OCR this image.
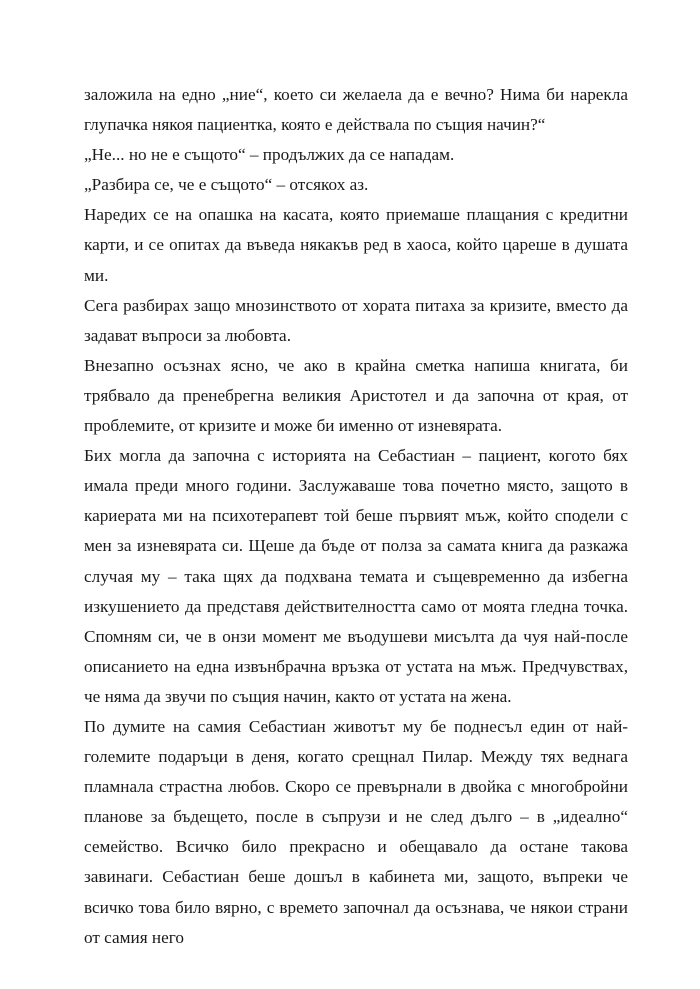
заложила на едно „ние“, което си желаела да е вечно? Нима би нарекла глупачка някоя пациентка, която е действала по същия начин?“

„Не... но не е същото“ – продължих да се нападам.

„Разбира се, че е същото“ – отсякох аз.

Наредих се на опашка на касата, която приемаше плащания с кредитни карти, и се опитах да въведа някакъв ред в хаоса, който цареше в душата ми.

Сега разбирах защо мнозинството от хората питаха за кризите, вместо да задават въпроси за любовта.

Внезапно осъзнах ясно, че ако в крайна сметка напиша книгата, би трябвало да пренебрегна великия Аристотел и да започна от края, от проблемите, от кризите и може би именно от изневярата.

Бих могла да започна с историята на Себастиан – пациент, когото бях имала преди много години. Заслужаваше това почетно място, защото в кариерата ми на психотерапевт той беше първият мъж, който сподели с мен за изневярата си. Щеше да бъде от полза за самата книга да разкажа случая му – така щях да подхвана темата и същевременно да избегна изкушението да представя действителността само от моята гледна точка. Спомням си, че в онзи момент ме въодушеви мисълта да чуя най-после описанието на една извънбрачна връзка от устата на мъж. Предчувствах, че няма да звучи по същия начин, както от устата на жена.

По думите на самия Себастиан животът му бе поднесъл един от най-големите подаръци в деня, когато срещнал Пилар. Между тях веднага пламнала страстна любов. Скоро се превърнали в двойка с многобройни планове за бъдещето, после в съпрузи и не след дълго – в „идеално“ семейство. Всичко било прекрасно и обещавало да остане такова завинаги. Себастиан беше дошъл в кабинета ми, защото, въпреки че всичко това било вярно, с времето започнал да осъзнава, че някои страни от самия него
